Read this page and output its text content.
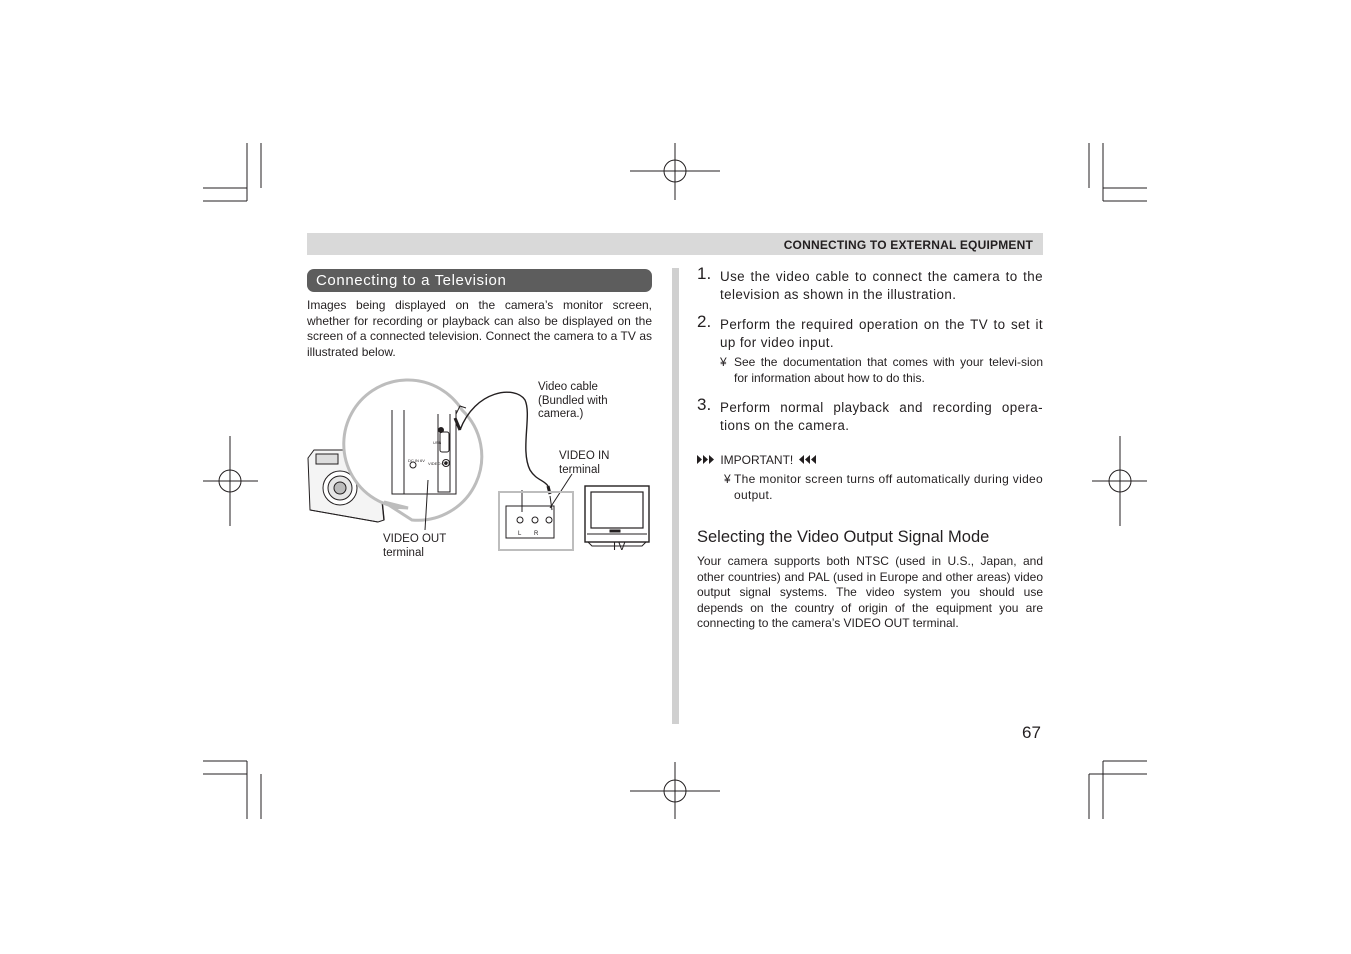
CONNECTING TO EXTERNAL EQUIPMENT
Connecting to a Television
Images being displayed on the camera’s monitor screen, whether for recording or playback can also be displayed on the screen of a connected television. Connect the camera to a TV as illustrated below.
USB
DC IN 6V
VIDEO OUT
L R
Video cable
(Bundled with
camera.)
VIDEO IN
terminal
VIDEO OUT
terminal	TV
1. Use the video cable to connect the camera to the television as shown in the illustration.
2. Perform the required operation on the TV to set it up for video input.
¥ See the documentation that comes with your televi-sion for information about how to do this.
3. Perform normal playback and recording opera-tions on the camera.
IMPORTANT!
¥ The monitor screen turns off automatically during video output.
Selecting the Video Output Signal Mode
Your camera supports both NTSC (used in U.S., Japan, and other countries) and PAL (used in Europe and other areas) video output signal systems. The video system you should use depends on the country of origin of the equipment you are connecting to the camera’s VIDEO OUT terminal.
67
